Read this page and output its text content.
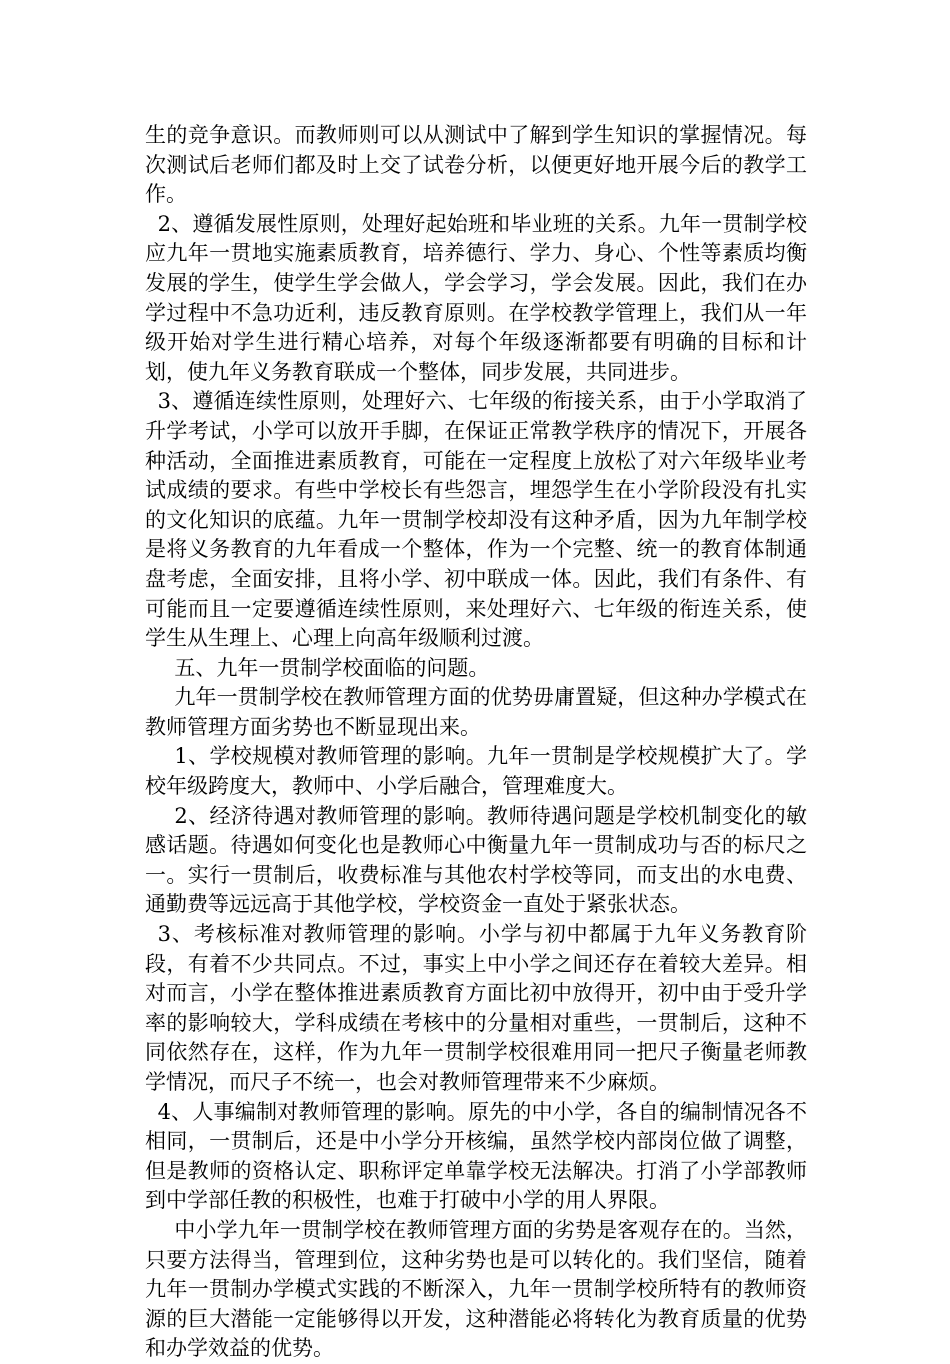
生的竞争意识。而教师则可以从测试中了解到学生知识的掌握情况。每次测试后老师们都及时上交了试卷分析，以便更好地开展今后的教学工作。

2、遵循发展性原则，处理好起始班和毕业班的关系。九年一贯制学校应九年一贯地实施素质教育，培养德行、学力、身心、个性等素质均衡发展的学生，使学生学会做人，学会学习，学会发展。因此，我们在办学过程中不急功近利，违反教育原则。在学校教学管理上，我们从一年级开始对学生进行精心培养，对每个年级逐渐都要有明确的目标和计划，使九年义务教育联成一个整体，同步发展，共同进步。

3、遵循连续性原则，处理好六、七年级的衔接关系，由于小学取消了升学考试，小学可以放开手脚，在保证正常教学秩序的情况下，开展各种活动，全面推进素质教育，可能在一定程度上放松了对六年级毕业考试成绩的要求。有些中学校长有些怨言，埋怨学生在小学阶段没有扎实的文化知识的底蕴。九年一贯制学校却没有这种矛盾，因为九年制学校是将义务教育的九年看成一个整体，作为一个完整、统一的教育体制通盘考虑，全面安排，且将小学、初中联成一体。因此，我们有条件、有可能而且一定要遵循连续性原则，来处理好六、七年级的衔连关系，使学生从生理上、心理上向高年级顺利过渡。

五、九年一贯制学校面临的问题。

九年一贯制学校在教师管理方面的优势毋庸置疑，但这种办学模式在教师管理方面劣势也不断显现出来。

1、学校规模对教师管理的影响。九年一贯制是学校规模扩大了。学校年级跨度大，教师中、小学后融合，管理难度大。

2、经济待遇对教师管理的影响。教师待遇问题是学校机制变化的敏感话题。待遇如何变化也是教师心中衡量九年一贯制成功与否的标尺之一。实行一贯制后，收费标准与其他农村学校等同，而支出的水电费、通勤费等远远高于其他学校，学校资金一直处于紧张状态。

3、考核标准对教师管理的影响。小学与初中都属于九年义务教育阶段，有着不少共同点。不过，事实上中小学之间还存在着较大差异。相对而言，小学在整体推进素质教育方面比初中放得开，初中由于受升学率的影响较大，学科成绩在考核中的分量相对重些，一贯制后，这种不同依然存在，这样，作为九年一贯制学校很难用同一把尺子衡量老师教学情况，而尺子不统一，也会对教师管理带来不少麻烦。

4、人事编制对教师管理的影响。原先的中小学，各自的编制情况各不相同，一贯制后，还是中小学分开核编，虽然学校内部岗位做了调整，但是教师的资格认定、职称评定单靠学校无法解决。打消了小学部教师到中学部任教的积极性，也难于打破中小学的用人界限。

中小学九年一贯制学校在教师管理方面的劣势是客观存在的。当然，只要方法得当，管理到位，这种劣势也是可以转化的。我们坚信，随着九年一贯制办学模式实践的不断深入，九年一贯制学校所特有的教师资源的巨大潜能一定能够得以开发，这种潜能必将转化为教育质量的优势和办学效益的优势。
